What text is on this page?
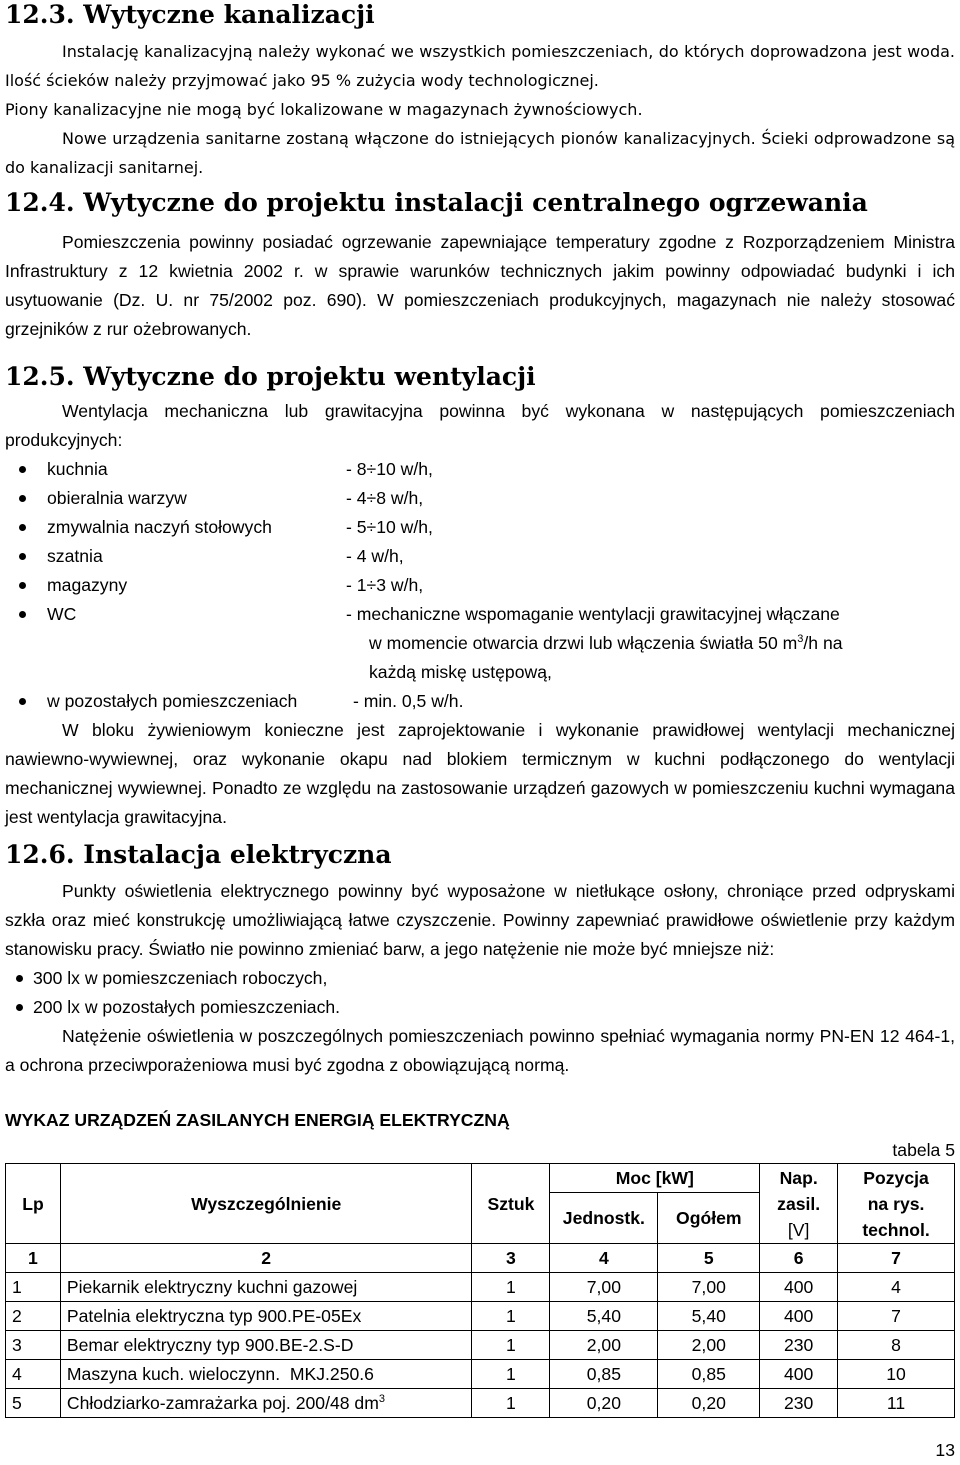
12.3. Wytyczne kanalizacji

Instalację kanalizacyjną należy wykonać we wszystkich pomieszczeniach, do których doprowadzona jest woda. Ilość ścieków należy przyjmować jako 95 % zużycia wody technologicznej.

Piony kanalizacyjne nie mogą być lokalizowane w magazynach żywnościowych.

Nowe urządzenia sanitarne zostaną włączone do istniejących pionów kanalizacyjnych. Ścieki odprowadzone są do kanalizacji sanitarnej.

12.4. Wytyczne do projektu instalacji centralnego ogrzewania

Pomieszczenia powinny posiadać ogrzewanie zapewniające temperatury zgodne z Rozporządzeniem Ministra Infrastruktury z 12 kwietnia 2002 r. w sprawie warunków technicznych jakim powinny odpowiadać budynki i ich usytuowanie (Dz. U. nr 75/2002 poz. 690). W pomieszczeniach produkcyjnych, magazynach nie należy stosować grzejników z rur ożebrowanych.

12.5. Wytyczne do projektu wentylacji

Wentylacja mechaniczna lub grawitacyjna powinna być wykonana w następujących pomieszczeniach produkcyjnych:

kuchnia	- 8÷10 w/h,
obieralnia warzyw	- 4÷8 w/h,
zmywalnia naczyń stołowych	- 5÷10 w/h,
szatnia	- 4 w/h,
magazyny	- 1÷3 w/h,
WC	- mechaniczne wspomaganie wentylacji grawitacyjnej włączane
w momencie otwarcia drzwi lub włączenia światła 50 $m^3/h$ na
każdą miskę ustępową,
w pozostałych pomieszczeniach	- min. 0,5 w/h.

W bloku żywieniowym konieczne jest zaprojektowanie i wykonanie prawidłowej wentylacji mechanicznej nawiewno-wywiewnej, oraz wykonanie okapu nad blokiem termicznym w kuchni podłączonego do wentylacji mechanicznej wywiewnej. Ponadto ze względu na zastosowanie urządzeń gazowych w pomieszczeniu kuchni wymagana jest wentylacja grawitacyjna.

12.6. Instalacja elektryczna

Punkty oświetlenia elektrycznego powinny być wyposażone w nietłukące osłony, chroniące przed odpryskami szkła oraz mieć konstrukcję umożliwiającą łatwe czyszczenie. Powinny zapewniać prawidłowe oświetlenie przy każdym stanowisku pracy. Światło nie powinno zmieniać barw, a jego natężenie nie może być mniejsze niż:

300 lx w pomieszczeniach roboczych,
200 lx w pozostałych pomieszczeniach.

Natężenie oświetlenia w poszczególnych pomieszczeniach powinno spełniać wymagania normy PN-EN 12 464-1, a ochrona przeciwporażeniowa musi być zgodna z obowiązującą normą.

WYKAZ URZĄDZEŃ ZASILANYCH ENERGIĄ ELEKTRYCZNĄ
tabela 5
Lp	Wyszczególnienie	Sztuk	Moc [kW]		Nap.
zasil.
[V]	Pozycja
na rys.
technol.
			Jednostk.	Ogółem		
1	2	3	4	5	6	7
1	Piekarnik elektryczny kuchni gazowej	1	7,00	7,00	400	4
2	Patelnia elektryczna typ 900.PE-05Ex	1	5,40	5,40	400	7
3	Bemar elektryczny typ 900.BE-2.S-D	1	2,00	2,00	230	8
4	Maszyna kuch. wieloczynn.  MKJ.250.6	1	0,85	0,85	400	10
5	Chłodziarko-zamrażarka poj. 200/48 $dm^3$	1	0,20	0,20	230	11
13
